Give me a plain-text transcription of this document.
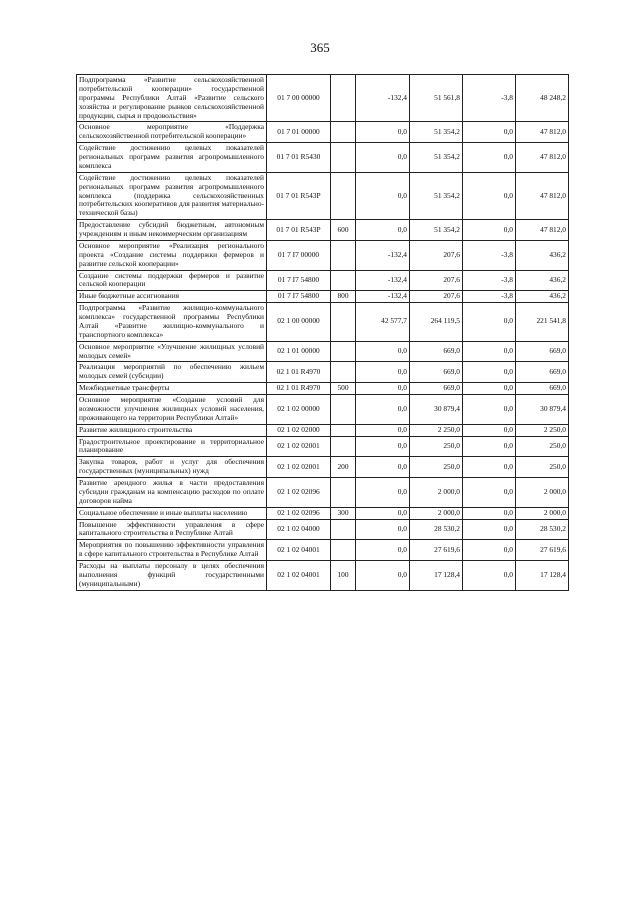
365
Подпрограмма «Развитие сельскохозяйственной потребительской кооперации» государственной программы Республики Алтай «Развитие сельского хозяйства и регулирование рынков сельскохозяйственной продукции, сырья и продовольствия»	01 7 00 00000		-132,4	51 561,8	-3,8	48 248,2
Основное мероприятие «Поддержка сельскохозяйственной потребительской кооперации»	01 7 01 00000		0,0	51 354,2	0,0	47 812,0
Содействие достижению целевых показателей региональных программ развития агропромышленного комплекса	01 7 01 R5430		0,0	51 354,2	0,0	47 812,0
Содействие достижению целевых показателей региональных программ развития агропромышленного комплекса (поддержка сельскохозяйственных потребительских кооперативов для развития материально-технической базы)	01 7 01 R543P		0,0	51 354,2	0,0	47 812,0
Предоставление субсидий бюджетным, автономным учреждениям и иным некоммерческим организациям	01 7 01 R543P	600	0,0	51 354,2	0,0	47 812,0
Основное мероприятие «Реализация регионального проекта «Создание системы поддержки фермеров и развитие сельской кооперации»	01 7 I7 00000		-132,4	207,6	-3,8	436,2
Создание системы поддержки фермеров и развитие сельской кооперации	01 7 I7 54800		-132,4	207,6	-3,8	436,2
Иные бюджетные ассигнования	01 7 I7 54800	800	-132,4	207,6	-3,8	436,2
Подпрограмма «Развитие жилищно-коммунального комплекса» государственной программы Республики Алтай «Развитие жилищно-коммунального и транспортного комплекса»	02 1 00 00000		42 577,7	264 119,5	0,0	221 541,8
Основное мероприятие «Улучшение жилищных условий молодых семей»	02 1 01 00000		0,0	669,0	0,0	669,0
Реализация мероприятий по обеспечению жильем молодых семей (субсидии)	02 1 01 R4970		0,0	669,0	0,0	669,0
Межбюджетные трансферты	02 1 01 R4970	500	0,0	669,0	0,0	669,0
Основное мероприятие «Создание условий для возможности улучшения жилищных условий населения, проживающего на территории Республики Алтай»	02 1 02 00000		0,0	30 879,4	0,0	30 879,4
Развитие жилищного строительства	02 1 02 02000		0,0	2 250,0	0,0	2 250,0
Градостроительное проектирование и территориальное планирование	02 1 02 02001		0,0	250,0	0,0	250,0
Закупка товаров, работ и услуг для обеспечения государственных (муниципальных) нужд	02 1 02 02001	200	0,0	250,0	0,0	250,0
Развитие арендного жилья в части предоставления субсидии гражданам на компенсацию расходов по оплате договоров найма	02 1 02 02096		0,0	2 000,0	0,0	2 000,0
Социальное обеспечение и иные выплаты населению	02 1 02 02096	300	0,0	2 000,0	0,0	2 000,0
Повышение эффективности управления в сфере капитального строительства в Республике Алтай	02 1 02 04000		0,0	28 530,2	0,0	28 530,2
Мероприятия по повышению эффективности управления в сфере капитального строительства в Республике Алтай	02 1 02 04001		0,0	27 619,6	0,0	27 619,6
Расходы на выплаты персоналу в целях обеспечения выполнения функций государственными (муниципальными)	02 1 02 04001	100	0,0	17 128,4	0,0	17 128,4
